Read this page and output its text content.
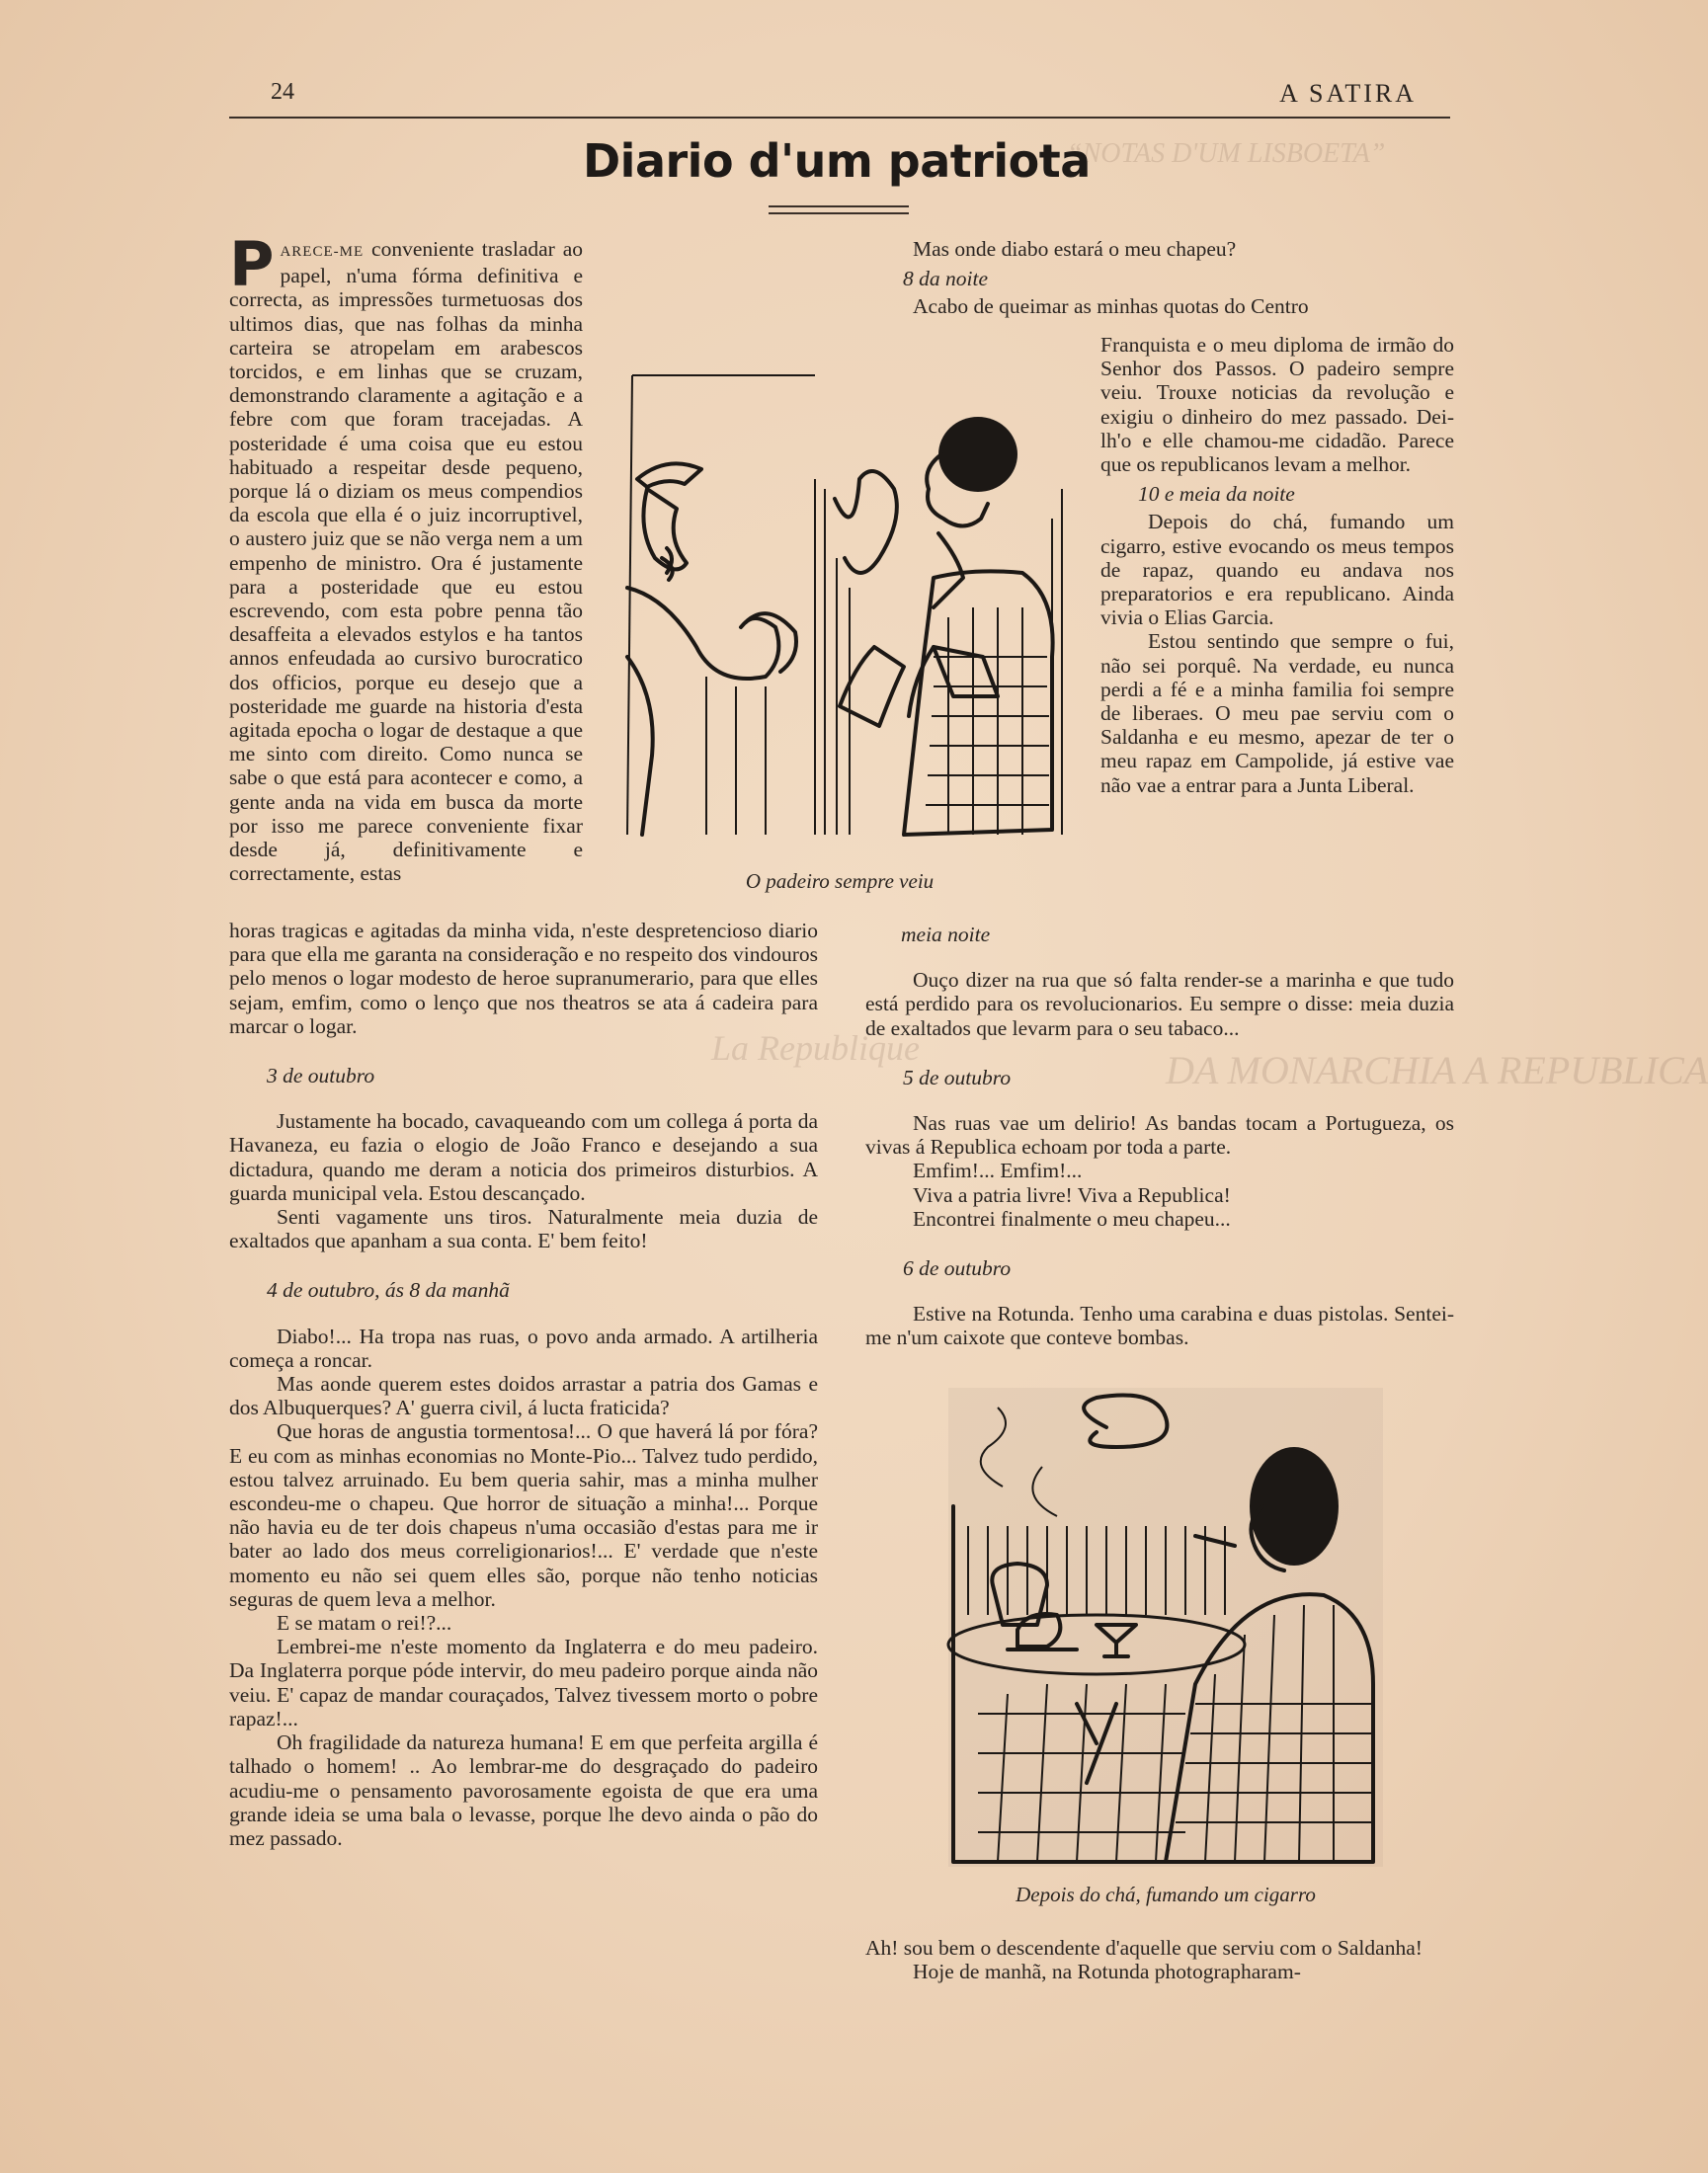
“NOTAS D'UM LISBOETA”
DA MONARCHIA A REPUBLICA
La Republique
24	A SATIRA
Diario d'um patriota
P ARECE-ME conveniente trasladar ao papel, n'uma fórma definitiva e correcta, as impressões turmetuosas dos ultimos dias, que nas folhas da minha carteira se atropelam em arabescos torcidos, e em linhas que se cruzam, demonstrando claramente a agitação e a febre com que foram tracejadas. A posteridade é uma coisa que eu estou habituado a respeitar desde pequeno, porque lá o diziam os meus compendios da escola que ella é o juiz incorruptivel, o austero juiz que se não verga nem a um empenho de ministro. Ora é justamente para a posteridade que eu estou escrevendo, com esta pobre penna tão desaffeita a elevados estylos e ha tantos annos enfeudada ao cursivo burocratico dos officios, porque eu desejo que a posteridade me guarde na historia d'esta agitada epocha o logar de destaque a que me sinto com direito. Como nunca se sabe o que está para acontecer e como, a gente anda na vida em busca da morte por isso me parece conveniente fixar desde já, definitivamente e correctamente, estas	O padeiro sempre veiu

horas tragicas e agitadas da minha vida, n'este despretencioso diario para que ella me garanta na consideração e no respeito dos vindouros pelo menos o logar modesto de heroe supranumerario, para que elles sejam, emfim, como o lenço que nos theatros se ata á cadeira para marcar o logar.

3 de outubro

Justamente ha bocado, cavaqueando com um collega á porta da Havaneza, eu fazia o elogio de João Franco e desejando a sua dictadura, quando me deram a noticia dos primeiros disturbios. A guarda municipal vela. Estou descançado.

Senti vagamente uns tiros. Naturalmente meia duzia de exaltados que apanham a sua conta. E' bem feito!

4 de outubro, ás 8 da manhã

Diabo!... Ha tropa nas ruas, o povo anda armado. A artilheria começa a roncar.

Mas aonde querem estes doidos arrastar a patria dos Gamas e dos Albuquerques? A' guerra civil, á lucta fraticida?

Que horas de angustia tormentosa!... O que haverá lá por fóra? E eu com as minhas economias no Monte-Pio... Talvez tudo perdido, estou talvez arruinado. Eu bem queria sahir, mas a minha mulher escondeu-me o chapeu. Que horror de situação a minha!... Porque não havia eu de ter dois chapeus n'uma occasião d'estas para me ir bater ao lado dos meus correligionarios!... E' verdade que n'este momento eu não sei quem elles são, porque não tenho noticias seguras de quem leva a melhor.

E se matam o rei!?...

Lembrei-me n'este momento da Inglaterra e do meu padeiro. Da Inglaterra porque póde intervir, do meu padeiro porque ainda não veiu. E' capaz de mandar couraçados, Talvez tivessem morto o pobre rapaz!...

Oh fragilidade da natureza humana! E em que perfeita argilla é talhado o homem! .. Ao lembrar-me do desgraçado do padeiro acudiu-me o pensamento pavorosamente egoista de que era uma grande ideia se uma bala o levasse, porque lhe devo ainda o pão do mez passado.

Mas onde diabo estará o meu chapeu?

8 da noite

Acabo de queimar as minhas quotas do Centro

Franquista e o meu diploma de irmão do Senhor dos Passos. O padeiro sempre veiu. Trouxe noticias da revolução e exigiu o dinheiro do mez passado. Dei-lh'o e elle chamou-me cidadão. Parece que os republicanos levam a melhor.

10 e meia da noite

Depois do chá, fumando um cigarro, estive evocando os meus tempos de rapaz, quando eu andava nos preparatorios e era republicano. Ainda vivia o Elias Garcia.

Estou sentindo que sempre o fui, não sei porquê. Na verdade, eu nunca perdi a fé e a minha familia foi sempre de liberaes. O meu pae serviu com o Saldanha e eu mesmo, apezar de ter o meu rapaz em Campolide, já estive vae não vae a entrar para a Junta Liberal.

meia noite

Ouço dizer na rua que só falta render-se a marinha e que tudo está perdido para os revolucionarios. Eu sempre o disse: meia duzia de exaltados que levarm para o seu tabaco...

5 de outubro

Nas ruas vae um delirio! As bandas tocam a Portugueza, os vivas á Republica echoam por toda a parte.

Emfim!... Emfim!...

Viva a patria livre! Viva a Republica!

Encontrei finalmente o meu chapeu...

6 de outubro

Estive na Rotunda. Tenho uma carabina e duas pistolas. Sentei-me n'um caixote que conteve bombas.

Depois do chá, fumando um cigarro

Ah! sou bem o descendente d'aquelle que serviu com o Saldanha!

Hoje de manhã, na Rotunda photographaram-
